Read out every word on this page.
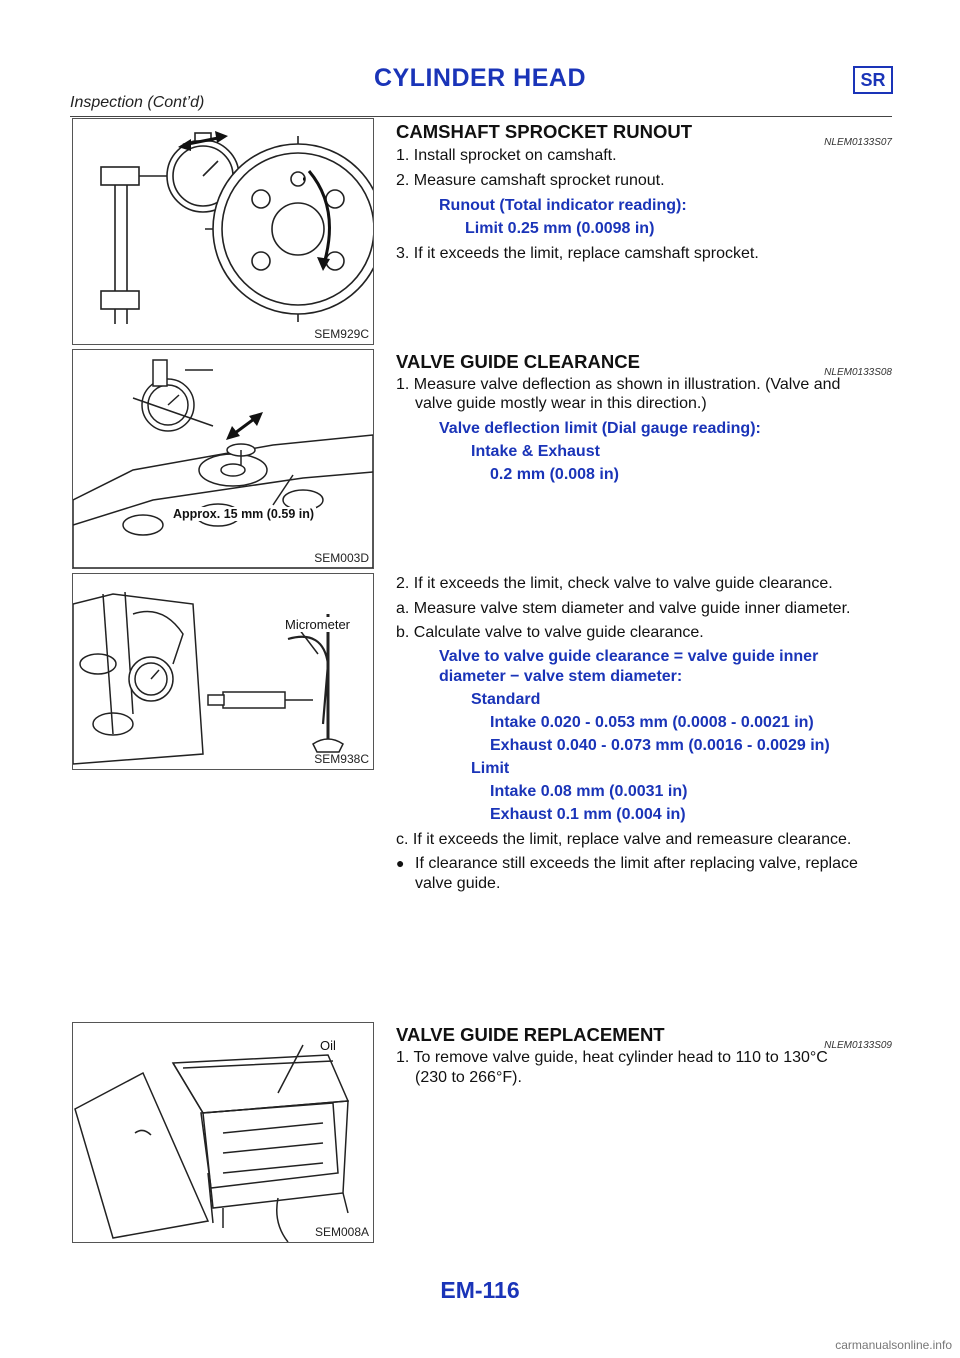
CYLINDER HEAD	SR
Inspection (Cont’d)
SEM929C
Approx. 15 mm (0.59 in)
SEM003D
Micrometer
SEM938C
Oil
SEM008A
CAMSHAFT SPROCKET RUNOUT
NLEM0133S07
1. Install sprocket on camshaft.
2. Measure camshaft sprocket runout.
Runout (Total indicator reading):
Limit 0.25 mm (0.0098 in)
3. If it exceeds the limit, replace camshaft sprocket.
VALVE GUIDE CLEARANCE
NLEM0133S08
1. Measure valve deflection as shown in illustration. (Valve and
valve guide mostly wear in this direction.)
Valve deflection limit (Dial gauge reading):
Intake & Exhaust
0.2 mm (0.008 in)
2. If it exceeds the limit, check valve to valve guide clearance.
a. Measure valve stem diameter and valve guide inner diameter.
b. Calculate valve to valve guide clearance.
Valve to valve guide clearance = valve guide inner
diameter − valve stem diameter:
Standard
Intake 0.020 - 0.053 mm (0.0008 - 0.0021 in)
Exhaust 0.040 - 0.073 mm (0.0016 - 0.0029 in)
Limit
Intake 0.08 mm (0.0031 in)
Exhaust 0.1 mm (0.004 in)
c. If it exceeds the limit, replace valve and remeasure clearance.
● If clearance still exceeds the limit after replacing valve, replace
valve guide.
VALVE GUIDE REPLACEMENT
NLEM0133S09
1. To remove valve guide, heat cylinder head to 110 to 130°C
(230 to 266°F).
EM-116
carmanualsonline.info
